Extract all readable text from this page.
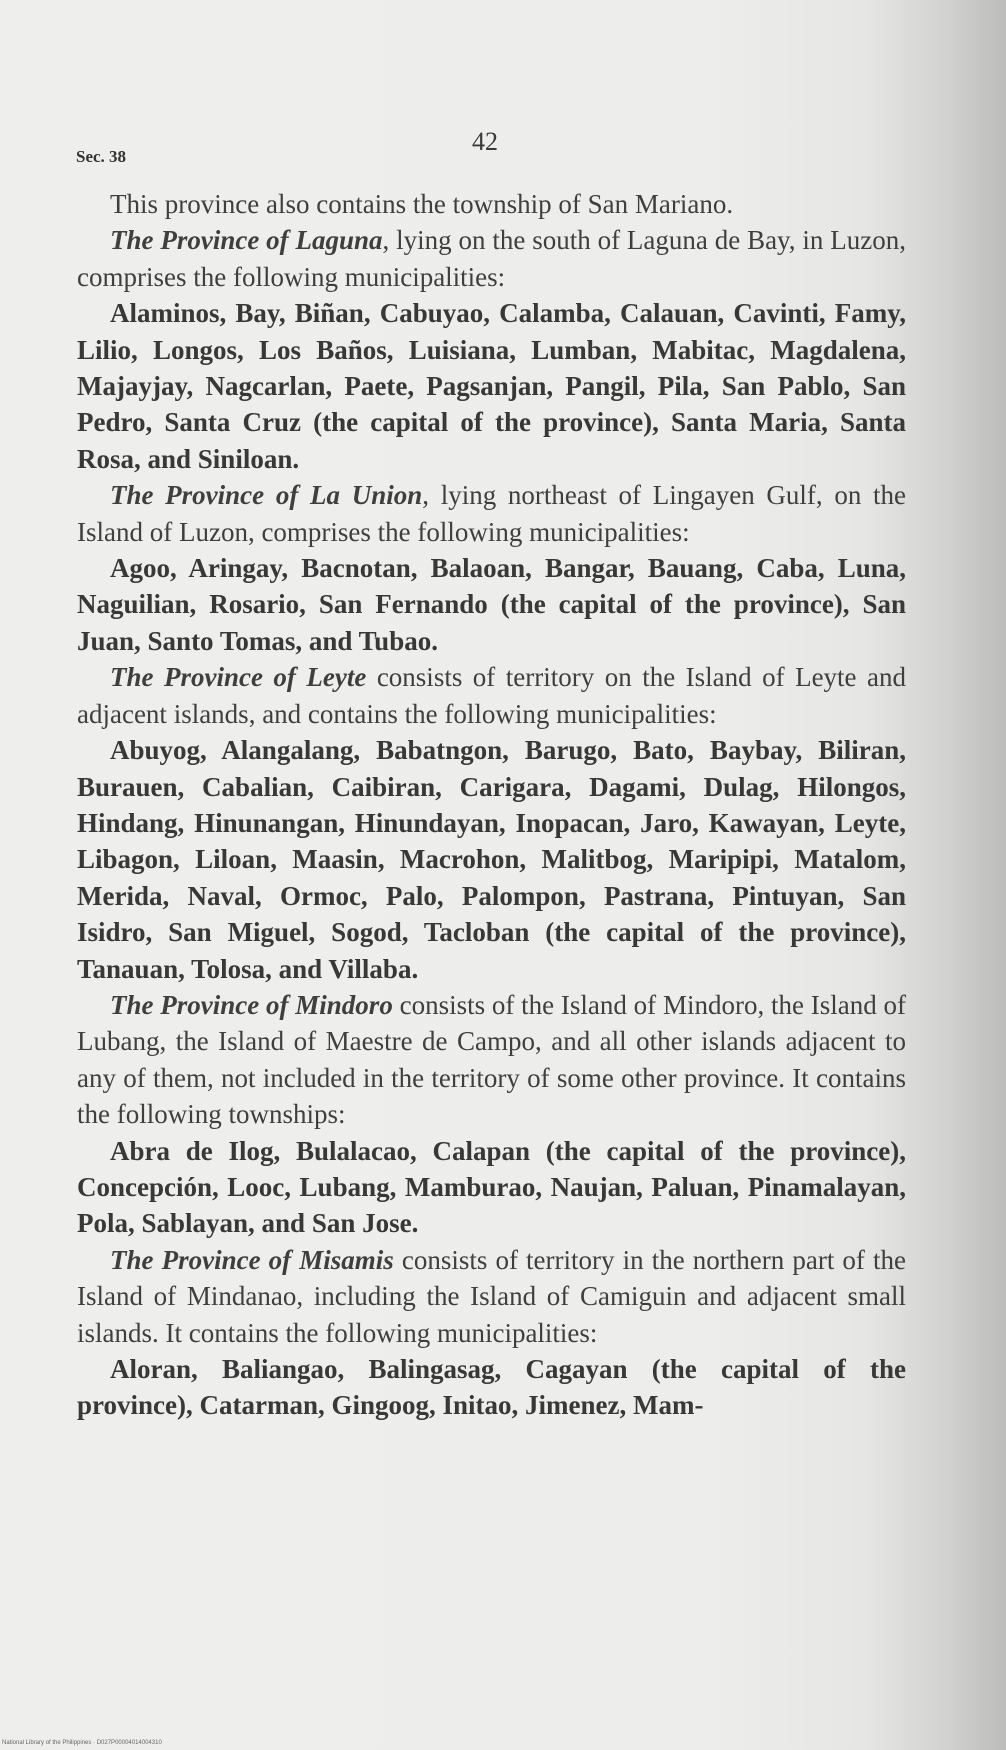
Sec. 38
42

This province also contains the township of San Mariano.

The Province of Laguna, lying on the south of Laguna de Bay, in Luzon, comprises the following municipalities:

Alaminos, Bay, Biñan, Cabuyao, Calamba, Calauan, Cavinti, Famy, Lilio, Longos, Los Baños, Luisiana, Lumban, Mabitac, Magdalena, Majayjay, Nagcarlan, Paete, Pagsanjan, Pangil, Pila, San Pablo, San Pedro, Santa Cruz (the capital of the province), Santa Maria, Santa Rosa, and Siniloan.

The Province of La Union, lying northeast of Lingayen Gulf, on the Island of Luzon, comprises the following municipalities:

Agoo, Aringay, Bacnotan, Balaoan, Bangar, Bauang, Caba, Luna, Naguilian, Rosario, San Fernando (the capital of the province), San Juan, Santo Tomas, and Tubao.

The Province of Leyte consists of territory on the Island of Leyte and adjacent islands, and contains the following municipalities:

Abuyog, Alangalang, Babatngon, Barugo, Bato, Baybay, Biliran, Burauen, Cabalian, Caibiran, Carigara, Dagami, Dulag, Hilongos, Hindang, Hinunangan, Hinundayan, Inopacan, Jaro, Kawayan, Leyte, Libagon, Liloan, Maasin, Macrohon, Malitbog, Maripipi, Matalom, Merida, Naval, Ormoc, Palo, Palompon, Pastrana, Pintuyan, San Isidro, San Miguel, Sogod, Tacloban (the capital of the province), Tanauan, Tolosa, and Villaba.

The Province of Mindoro consists of the Island of Mindoro, the Island of Lubang, the Island of Maestre de Campo, and all other islands adjacent to any of them, not included in the territory of some other province. It contains the following townships:

Abra de Ilog, Bulalacao, Calapan (the capital of the province), Concepción, Looc, Lubang, Mamburao, Naujan, Paluan, Pinamalayan, Pola, Sablayan, and San Jose.

The Province of Misamis consists of territory in the northern part of the Island of Mindanao, including the Island of Camiguin and adjacent small islands. It contains the following municipalities:

Aloran, Baliangao, Balingasag, Cagayan (the capital of the province), Catarman, Gingoog, Initao, Jimenez, Mam-

National Library of the Philippines · D027P00004014004310
